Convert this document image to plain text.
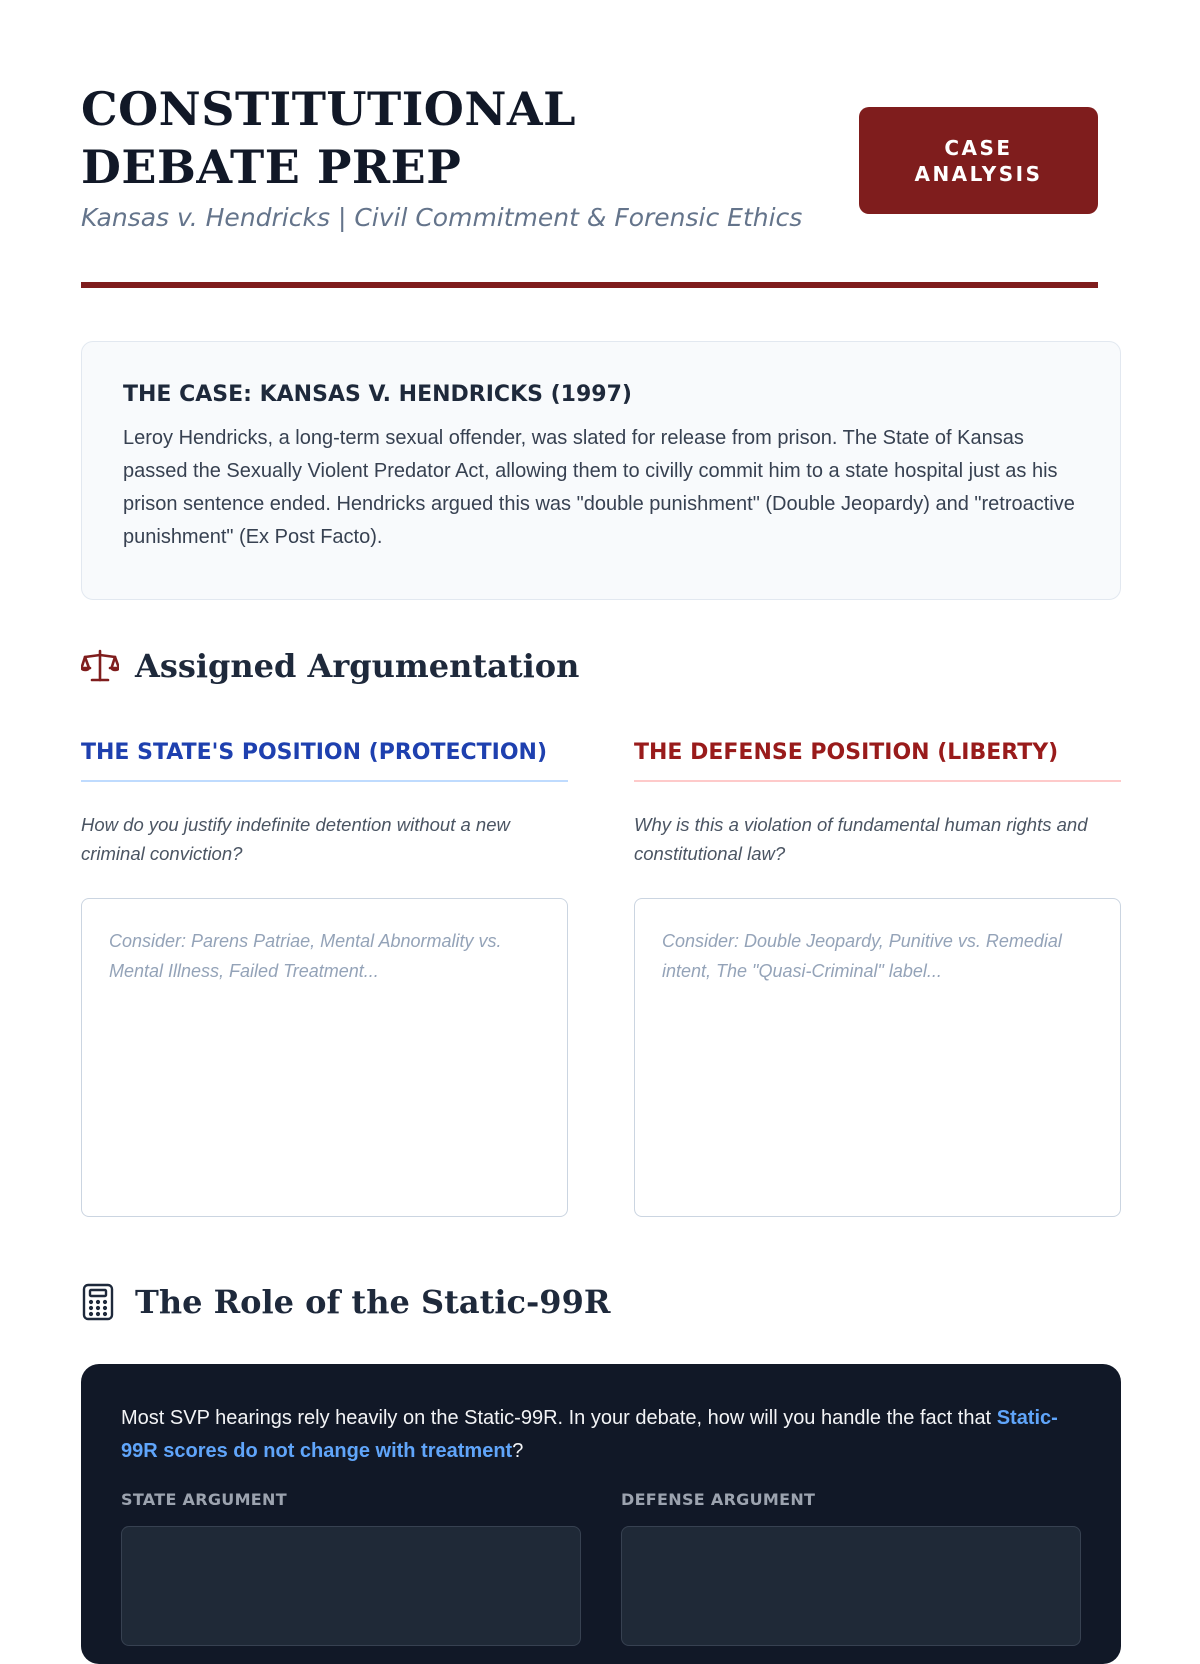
CONSTITUTIONAL DEBATE PREP
Kansas v. Hendricks | Civil Commitment & Forensic Ethics
CASE ANALYSIS
THE CASE: KANSAS V. HENDRICKS (1997)

Leroy Hendricks, a long-term sexual offender, was slated for release from prison. The State of Kansas passed the Sexually Violent Predator Act, allowing them to civilly commit him to a state hospital just as his prison sentence ended. Hendricks argued this was "double punishment" (Double Jeopardy) and "retroactive punishment" (Ex Post Facto).

Assigned Argumentation
THE STATE'S POSITION (PROTECTION)
How do you justify indefinite detention without a new criminal conviction?
Consider: Parens Patriae, Mental Abnormality vs. Mental Illness, Failed Treatment...
THE DEFENSE POSITION (LIBERTY)
Why is this a violation of fundamental human rights and constitutional law?
Consider: Double Jeopardy, Punitive vs. Remedial intent, The "Quasi-Criminal" label...
The Role of the Static-99R

Most SVP hearings rely heavily on the Static-99R. In your debate, how will you handle the fact that Static-99R scores do not change with treatment?

STATE ARGUMENT	DEFENSE ARGUMENT
